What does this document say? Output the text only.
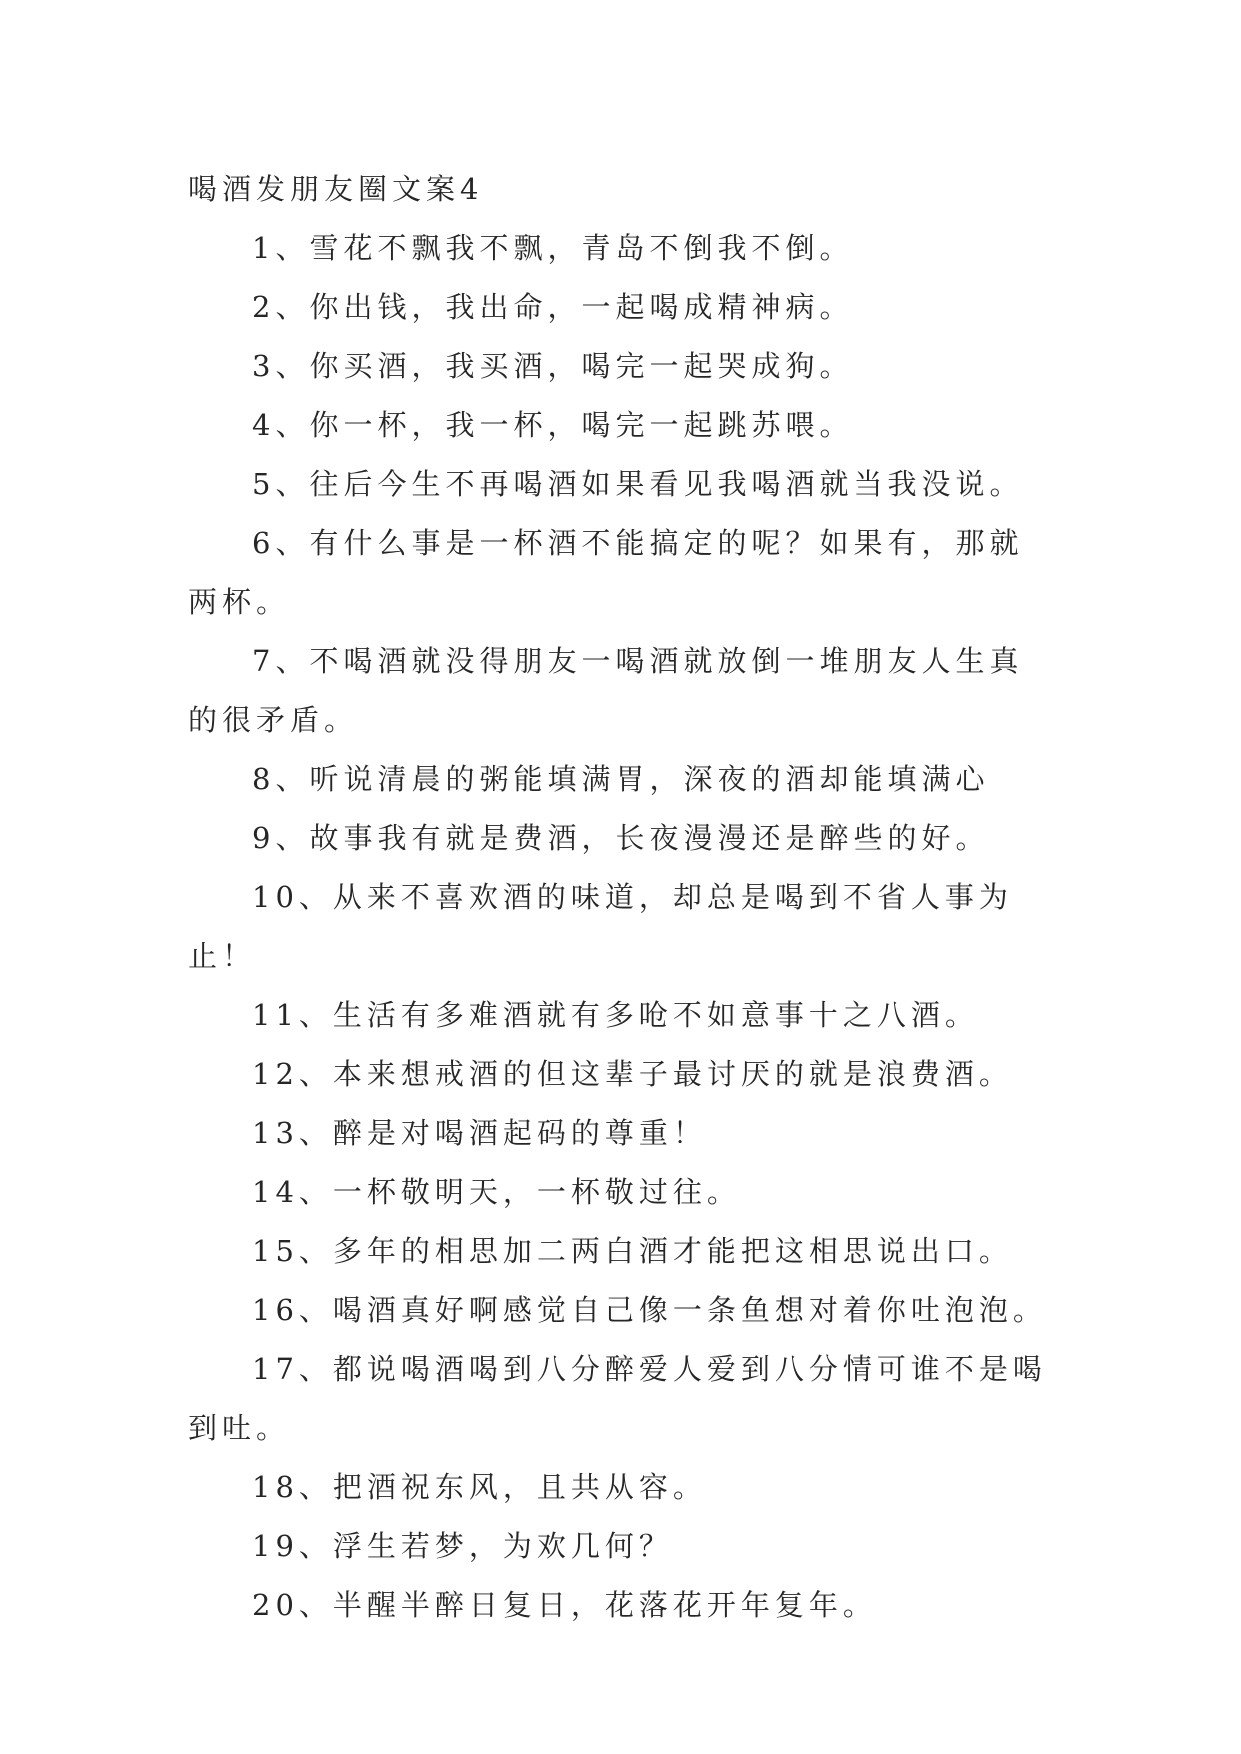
喝酒发朋友圈文案4

1、雪花不飘我不飘，青岛不倒我不倒。

2、你出钱，我出命，一起喝成精神病。

3、你买酒，我买酒，喝完一起哭成狗。

4、你一杯，我一杯，喝完一起跳苏喂。

5、往后今生不再喝酒如果看见我喝酒就当我没说。

6、有什么事是一杯酒不能搞定的呢？如果有，那就两杯。

7、不喝酒就没得朋友一喝酒就放倒一堆朋友人生真的很矛盾。

8、听说清晨的粥能填满胃，深夜的酒却能填满心

9、故事我有就是费酒，长夜漫漫还是醉些的好。

10、从来不喜欢酒的味道，却总是喝到不省人事为止！

11、生活有多难酒就有多呛不如意事十之八酒。

12、本来想戒酒的但这辈子最讨厌的就是浪费酒。

13、醉是对喝酒起码的尊重！

14、一杯敬明天，一杯敬过往。

15、多年的相思加二两白酒才能把这相思说出口。

16、喝酒真好啊感觉自己像一条鱼想对着你吐泡泡。

17、都说喝酒喝到八分醉爱人爱到八分情可谁不是喝到吐。

18、把酒祝东风，且共从容。

19、浮生若梦，为欢几何？

20、半醒半醉日复日，花落花开年复年。
